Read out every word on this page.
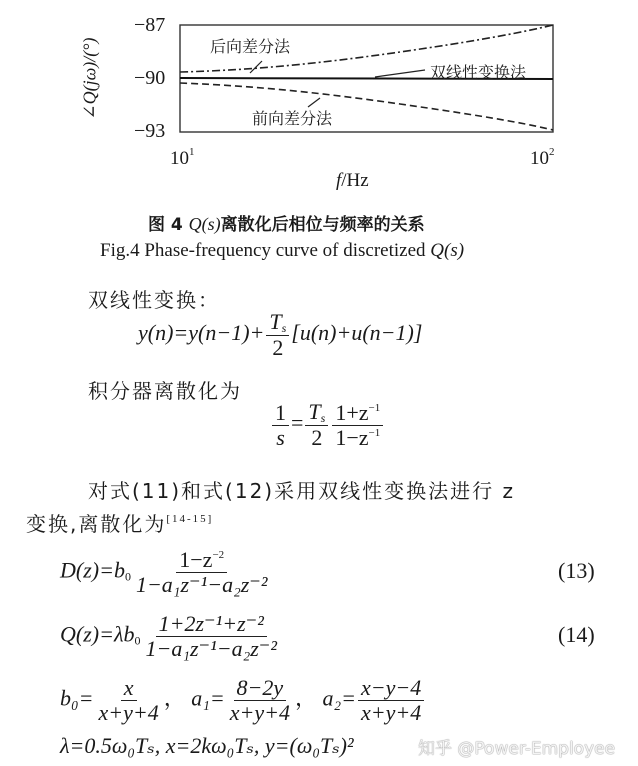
∠Q(jω)/(°)
−87
−90
−93
$10^1$	$10^2$
f/Hz
后向差分法
双线性变换法
前向差分法
图 4 Q(s)离散化后相位与频率的关系
Fig.4 Phase-frequency curve of discretized Q(s)
双线性变换：
$y(n)=y(n-1)+ \frac{T_s}{2} [u(n)+u(n-1)]$
积分器离散化为
$\frac{1}{s} = \frac{T_s}{2} \frac{1+z^{-1}}{1-z^{-1}}$
对式(11)和式(12)采用双线性变换法进行 z
变换,离散化为[14-15]
$D(z)=b_0 \frac{1-z^{-2}}{\text{1−a₁z⁻¹−a₂z⁻²}}$	(13)
$Q(z)=\lambda b_0 \frac{\text{1+2z⁻¹+z⁻²}}{\text{1−a₁z⁻¹−a₂z⁻²}}$	(14)
$b_0= \frac{x}{x+y+4}$ ， $a_1= \frac{8-2y}{x+y+4}$ ， $a_2= \frac{x-y-4}{x+y+4}$
λ=0.5ω₀Tₛ, x=2kω₀Tₛ, y=(ω₀Tₛ)²	知乎 @Power-Employee
